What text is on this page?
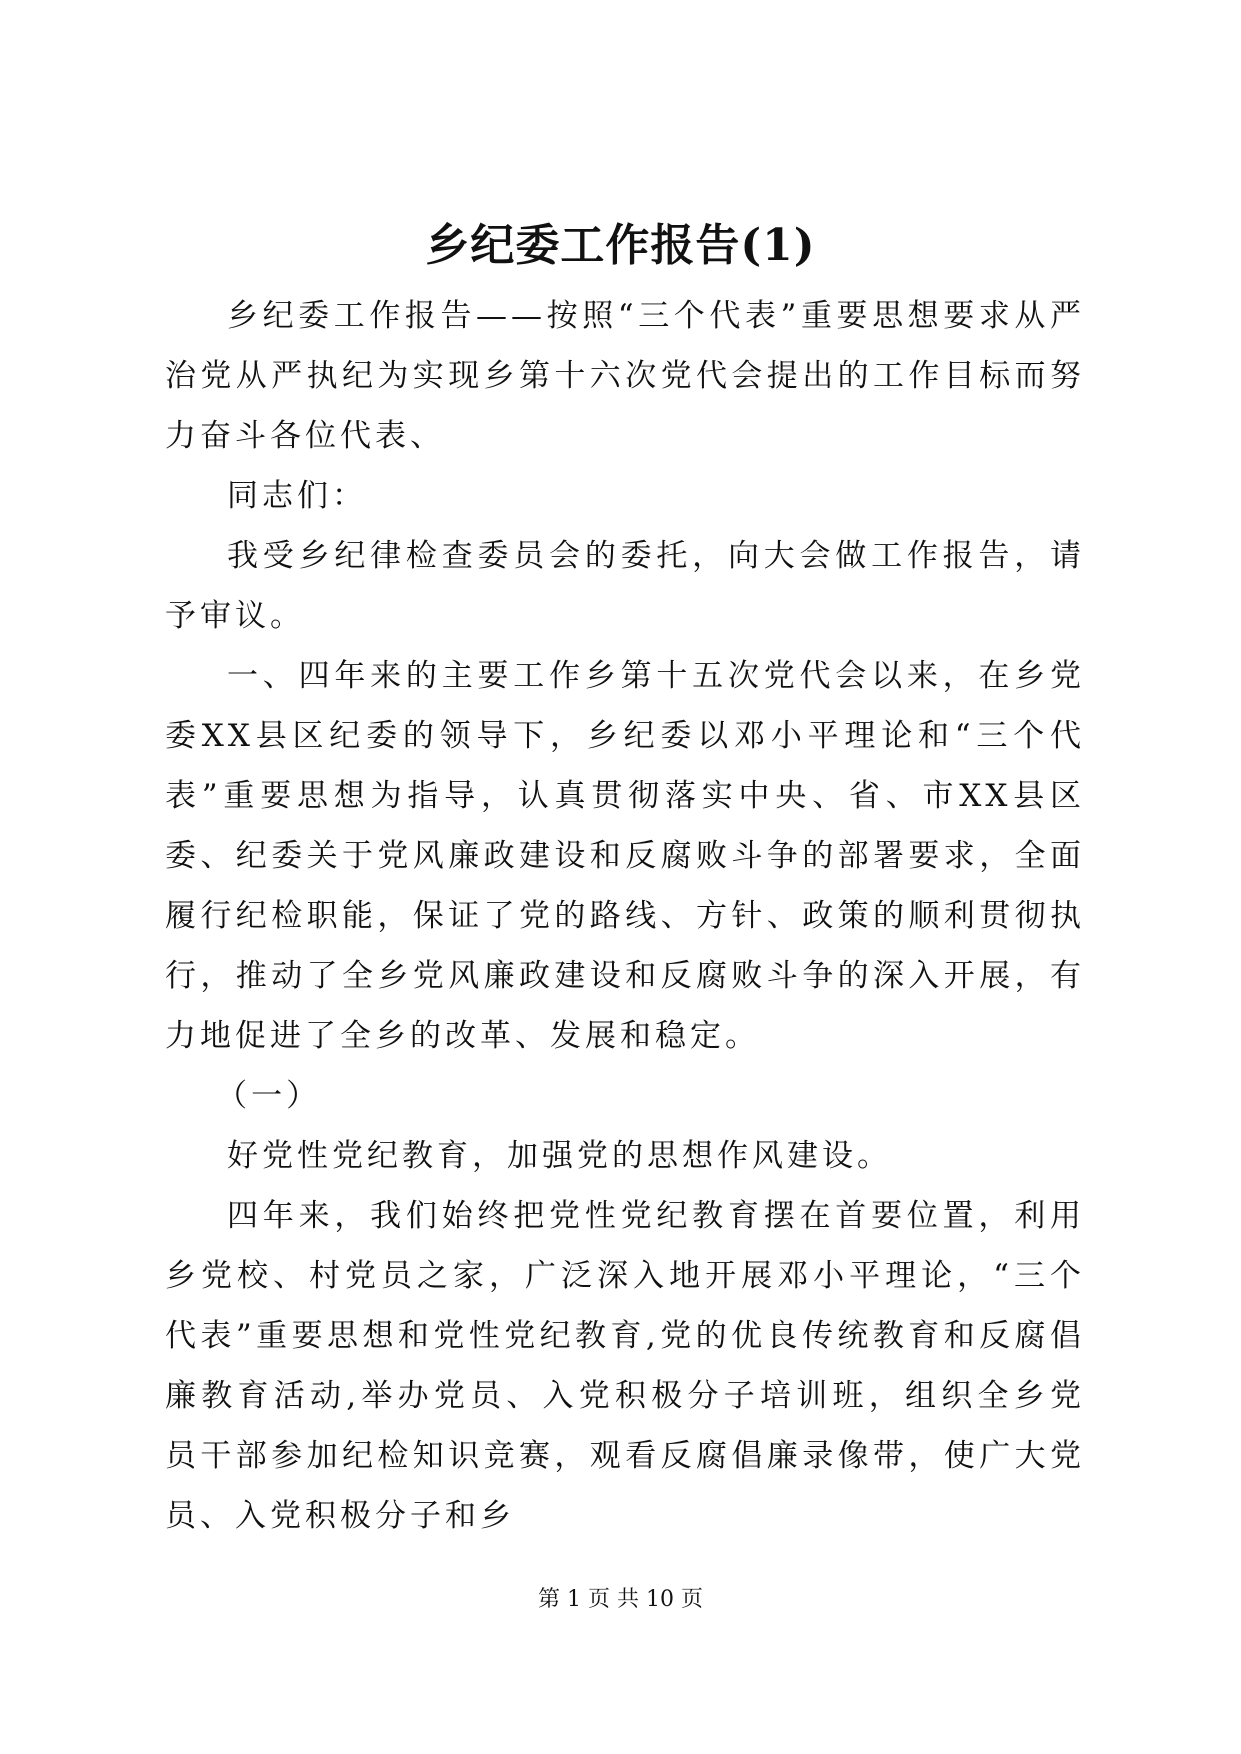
乡纪委工作报告(1)

乡纪委工作报告——按照“三个代表”重要思想要求从严治党从严执纪为实现乡第十六次党代会提出的工作目标而努力奋斗各位代表、

同志们：

我受乡纪律检查委员会的委托，向大会做工作报告，请予审议。

一、四年来的主要工作乡第十五次党代会以来，在乡党委XX县区纪委的领导下，乡纪委以邓小平理论和“三个代表”重要思想为指导，认真贯彻落实中央、省、市XX县区委、纪委关于党风廉政建设和反腐败斗争的部署要求，全面履行纪检职能，保证了党的路线、方针、政策的顺利贯彻执行，推动了全乡党风廉政建设和反腐败斗争的深入开展，有力地促进了全乡的改革、发展和稳定。

（一）

好党性党纪教育，加强党的思想作风建设。

四年来，我们始终把党性党纪教育摆在首要位置，利用乡党校、村党员之家，广泛深入地开展邓小平理论，“三个代表”重要思想和党性党纪教育,党的优良传统教育和反腐倡廉教育活动,举办党员、入党积极分子培训班，组织全乡党员干部参加纪检知识竞赛，观看反腐倡廉录像带，使广大党员、入党积极分子和乡

第 1 页 共 10 页
